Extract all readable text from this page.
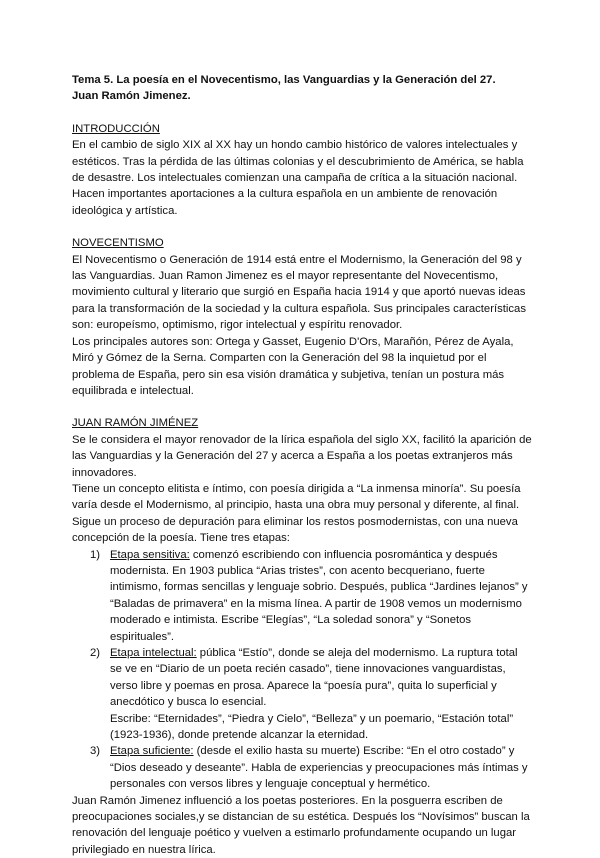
Tema 5. La poesía en el Novecentismo, las Vanguardias y la Generación del 27.
Juan Ramón Jimenez.
INTRODUCCIÓN

En el cambio de siglo XIX al XX hay un hondo cambio histórico de valores intelectuales y estéticos. Tras la pérdida de las últimas colonias y el descubrimiento de América, se habla de desastre. Los intelectuales comienzan una campaña de crítica a la situación nacional. Hacen importantes aportaciones a la cultura española en un ambiente de renovación ideológica y artística.

NOVECENTISMO

El Novecentismo o Generación de 1914 está entre el Modernismo, la Generación del 98 y las Vanguardias. Juan Ramon Jimenez es el mayor representante del Novecentismo, movimiento cultural y literario que surgió en España hacia 1914 y que aportó nuevas ideas para la transformación de la sociedad y la cultura española. Sus principales características son: europeísmo, optimismo, rigor intelectual y espíritu renovador.

Los principales autores son: Ortega y Gasset, Eugenio D'Ors, Marañón, Pérez de Ayala, Miró y Gómez de la Serna. Comparten con la Generación del 98 la inquietud por el problema de España, pero sin esa visión dramática y subjetiva, tenían un postura más equilibrada e intelectual.

JUAN RAMÓN JIMÉNEZ

Se le considera el mayor renovador de la lírica española del siglo XX, facilitó la aparición de las Vanguardias y la Generación del 27 y acerca a España a los poetas extranjeros más innovadores.

Tiene un concepto elitista e íntimo, con poesía dirigida a “La inmensa minoría”. Su poesía varía desde el Modernismo, al principio, hasta una obra muy personal y diferente, al final. Sigue un proceso de depuración para eliminar los restos posmodernistas, con una nueva concepción de la poesía. Tiene tres etapas:

1) Etapa sensitiva: comenzó escribiendo con influencia posromántica y después modernista. En 1903 publica “Arias tristes”, con acento becqueriano, fuerte intimismo, formas sencillas y lenguaje sobrio. Después, publica “Jardines lejanos” y “Baladas de primavera” en la misma línea. A partir de 1908 vemos un modernismo moderado e intimista. Escribe “Elegías”, “La soledad sonora” y “Sonetos espirituales”.
2) Etapa intelectual: pública “Estío”, donde se aleja del modernismo. La ruptura total se ve en “Diario de un poeta recién casado”, tiene innovaciones vanguardistas, verso libre y poemas en prosa. Aparece la “poesía pura”, quita lo superficial y anecdótico y busca lo esencial.
Escribe: “Eternidades”, “Piedra y Cielo”, “Belleza” y un poemario, “Estación total” (1923-1936), donde pretende alcanzar la eternidad.
3) Etapa suficiente: (desde el exilio hasta su muerte) Escribe: “En el otro costado” y “Dios deseado y deseante”. Habla de experiencias y preocupaciones más íntimas y personales con versos libres y lenguaje conceptual y hermético.

Juan Ramón Jimenez influenció a los poetas posteriores. En la posguerra escriben de preocupaciones sociales,y se distancian de su estética. Después los “Novísimos” buscan la renovación del lenguaje poético y vuelven a estimarlo profundamente ocupando un lugar privilegiado en nuestra lírica.
